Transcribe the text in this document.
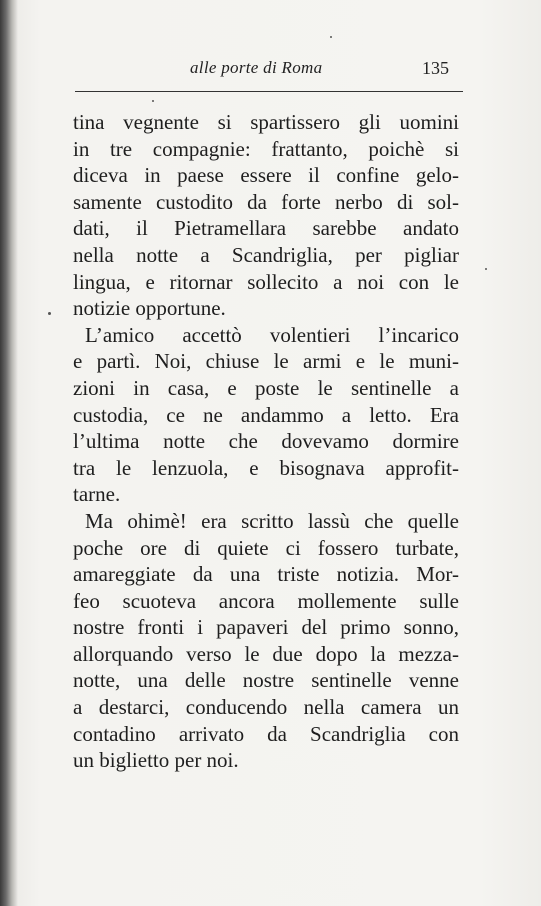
alle porte di Roma	135
tina vegnente si spartissero gli uomini
in tre compagnie: frattanto, poichè si
diceva in paese essere il confine gelo-
samente custodito da forte nerbo di sol-
dati, il Pietramellara sarebbe andato
nella notte a Scandriglia, per pigliar
lingua, e ritornar sollecito a noi con le
notizie opportune.
L’amico accettò volentieri l’incarico
e partì. Noi, chiuse le armi e le muni-
zioni in casa, e poste le sentinelle a
custodia, ce ne andammo a letto. Era
l’ultima notte che dovevamo dormire
tra le lenzuola, e bisognava approfit-
tarne.
Ma ohimè! era scritto lassù che quelle
poche ore di quiete ci fossero turbate,
amareggiate da una triste notizia. Mor-
feo scuoteva ancora mollemente sulle
nostre fronti i papaveri del primo sonno,
allorquando verso le due dopo la mezza-
notte, una delle nostre sentinelle venne
a destarci, conducendo nella camera un
contadino arrivato da Scandriglia con
un biglietto per noi.
